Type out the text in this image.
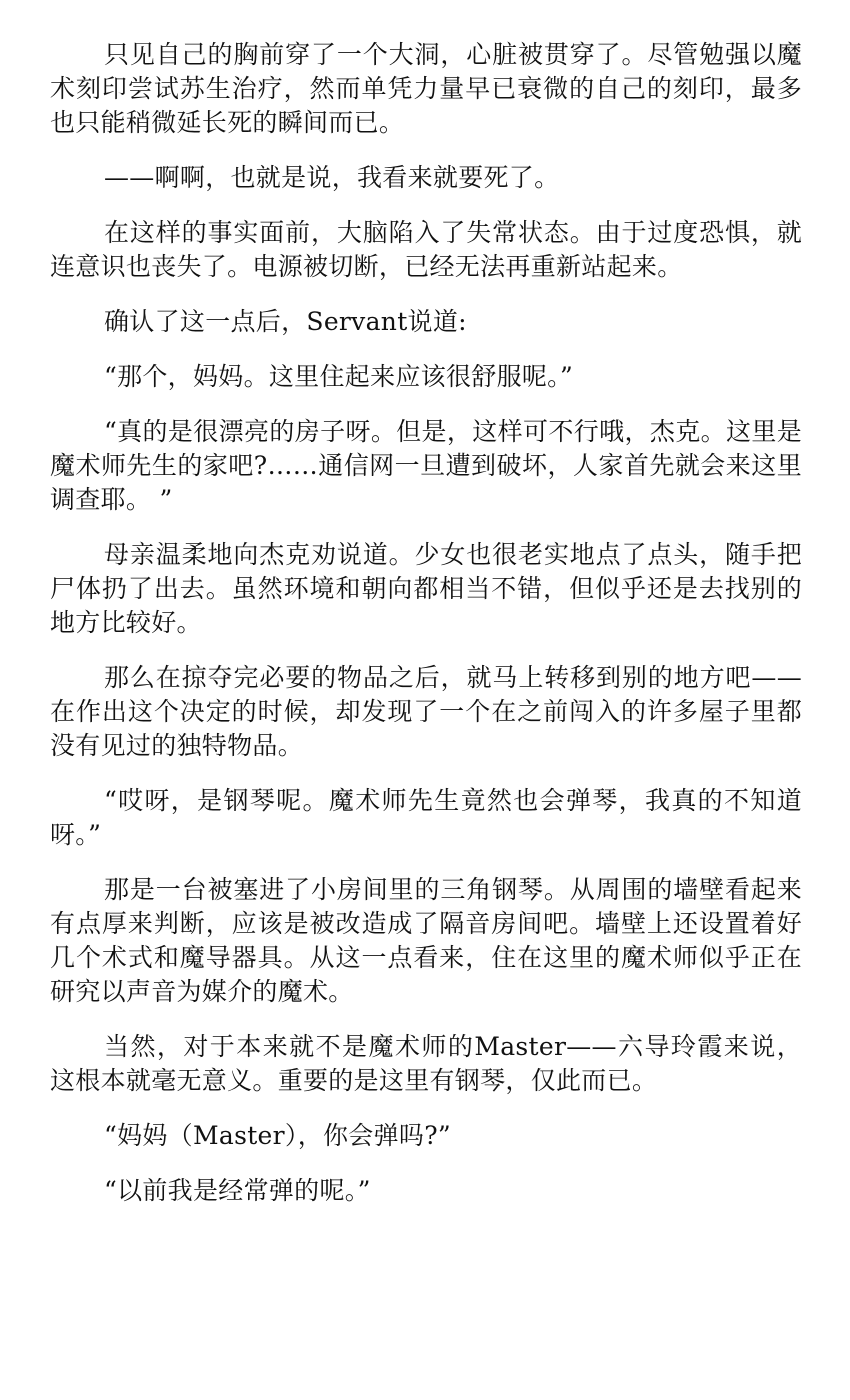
只见自己的胸前穿了一个大洞，心脏被贯穿了。尽管勉强以魔术刻印尝试苏生治疗，然而单凭力量早已衰微的自己的刻印，最多也只能稍微延长死的瞬间而已。

——啊啊，也就是说，我看来就要死了。

在这样的事实面前，大脑陷入了失常状态。由于过度恐惧，就连意识也丧失了。电源被切断，已经无法再重新站起来。

确认了这一点后，Servant说道:

“那个，妈妈。这里住起来应该很舒服呢。”

“真的是很漂亮的房子呀。但是，这样可不行哦，杰克。这里是魔术师先生的家吧?……通信网一旦遭到破坏，人家首先就会来这里调查耶。 ”

母亲温柔地向杰克劝说道。少女也很老实地点了点头，随手把尸体扔了出去。虽然环境和朝向都相当不错，但似乎还是去找别的地方比较好。

那么在掠夺完必要的物品之后，就马上转移到别的地方吧——在作出这个决定的时候，却发现了一个在之前闯入的许多屋子里都没有见过的独特物品。

“哎呀，是钢琴呢。魔术师先生竟然也会弹琴，我真的不知道呀。”

那是一台被塞进了小房间里的三角钢琴。从周围的墙壁看起来有点厚来判断，应该是被改造成了隔音房间吧。墙壁上还设置着好几个术式和魔导器具。从这一点看来，住在这里的魔术师似乎正在研究以声音为媒介的魔术。

当然，对于本来就不是魔术师的Master——六导玲霞来说，这根本就毫无意义。重要的是这里有钢琴，仅此而已。

“妈妈（Master），你会弹吗?”

“以前我是经常弹的呢。”
